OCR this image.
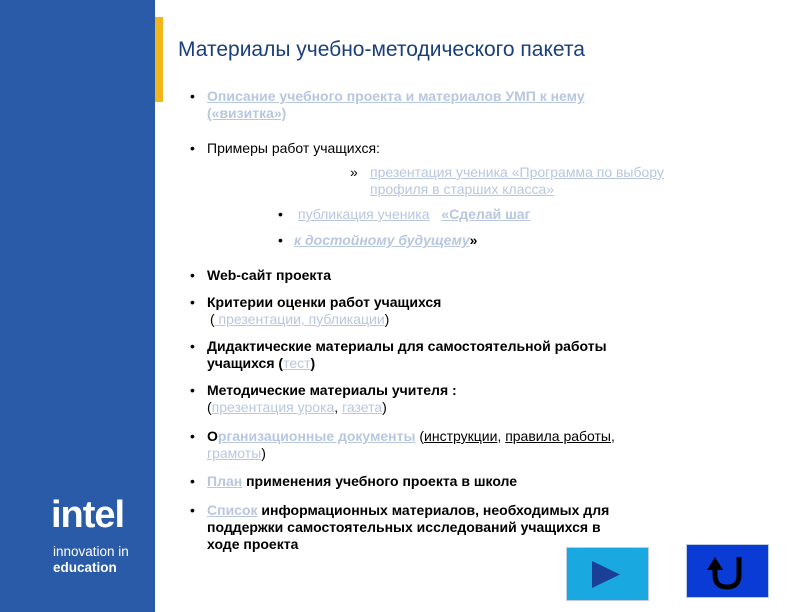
intel	®
innovation in
education
Материалы учебно-методического пакета
• Описание учебного проекта и материалов УМП к нему
(«визитка»)
• Примеры работ учащихся:
» презентация ученика «Программа по выбору
профиля в старших класса»
• публикация ученика «Сделай шаг
• к достойному будущему»
• Web-сайт проекта
• Критерии оценки работ учащихся
( презентации, публикации)
• Дидактические материалы для самостоятельной работы
учащихся (тест)
• Методические материалы учителя :
(презентация урока, газета)
• Организационные документы (инструкции, правила работы,
грамоты)
• План применения учебного проекта в школе
• Список информационных материалов, необходимых для
поддержки самостоятельных исследований учащихся в
ходе проекта
